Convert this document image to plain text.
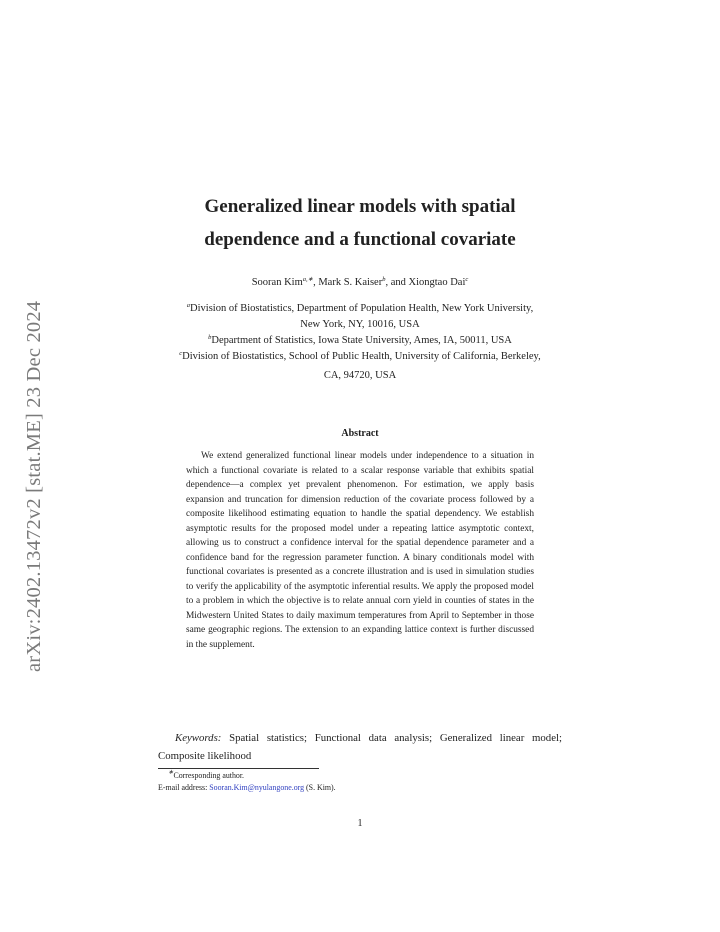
arXiv:2402.13472v2 [stat.ME] 23 Dec 2024
Generalized linear models with spatial
dependence and a functional covariate
Sooran Kim$^{a,∗}$, Mark S. Kaiser$^b$, and Xiongtao Dai$^c$
$^a$Division of Biostatistics, Department of Population Health, New York University,
New York, NY, 10016, USA
$^b$Department of Statistics, Iowa State University, Ames, IA, 50011, USA
$^c$Division of Biostatistics, School of Public Health, University of California, Berkeley,
CA, 94720, USA
Abstract

We extend generalized functional linear models under independence to a situation in which a functional covariate is related to a scalar response variable that exhibits spatial dependence—a complex yet prevalent phenomenon. For estimation, we apply basis expansion and truncation for dimension reduction of the covariate process followed by a composite likelihood estimating equation to handle the spatial dependency. We establish asymptotic results for the proposed model under a repeating lattice asymptotic context, allowing us to construct a confidence interval for the spatial dependence parameter and a confidence band for the regression parameter function. A binary conditionals model with functional covariates is presented as a concrete illustration and is used in simulation studies to verify the applicability of the asymptotic inferential results. We apply the proposed model to a problem in which the objective is to relate annual corn yield in counties of states in the Midwestern United States to daily maximum temperatures from April to September in those same geographic regions. The extension to an expanding lattice context is further discussed in the supplement.

Keywords: Spatial statistics; Functional data analysis; Generalized linear model; Composite likelihood

∗Corresponding author.
E-mail address: Sooran.Kim@nyulangone.org (S. Kim).
1
